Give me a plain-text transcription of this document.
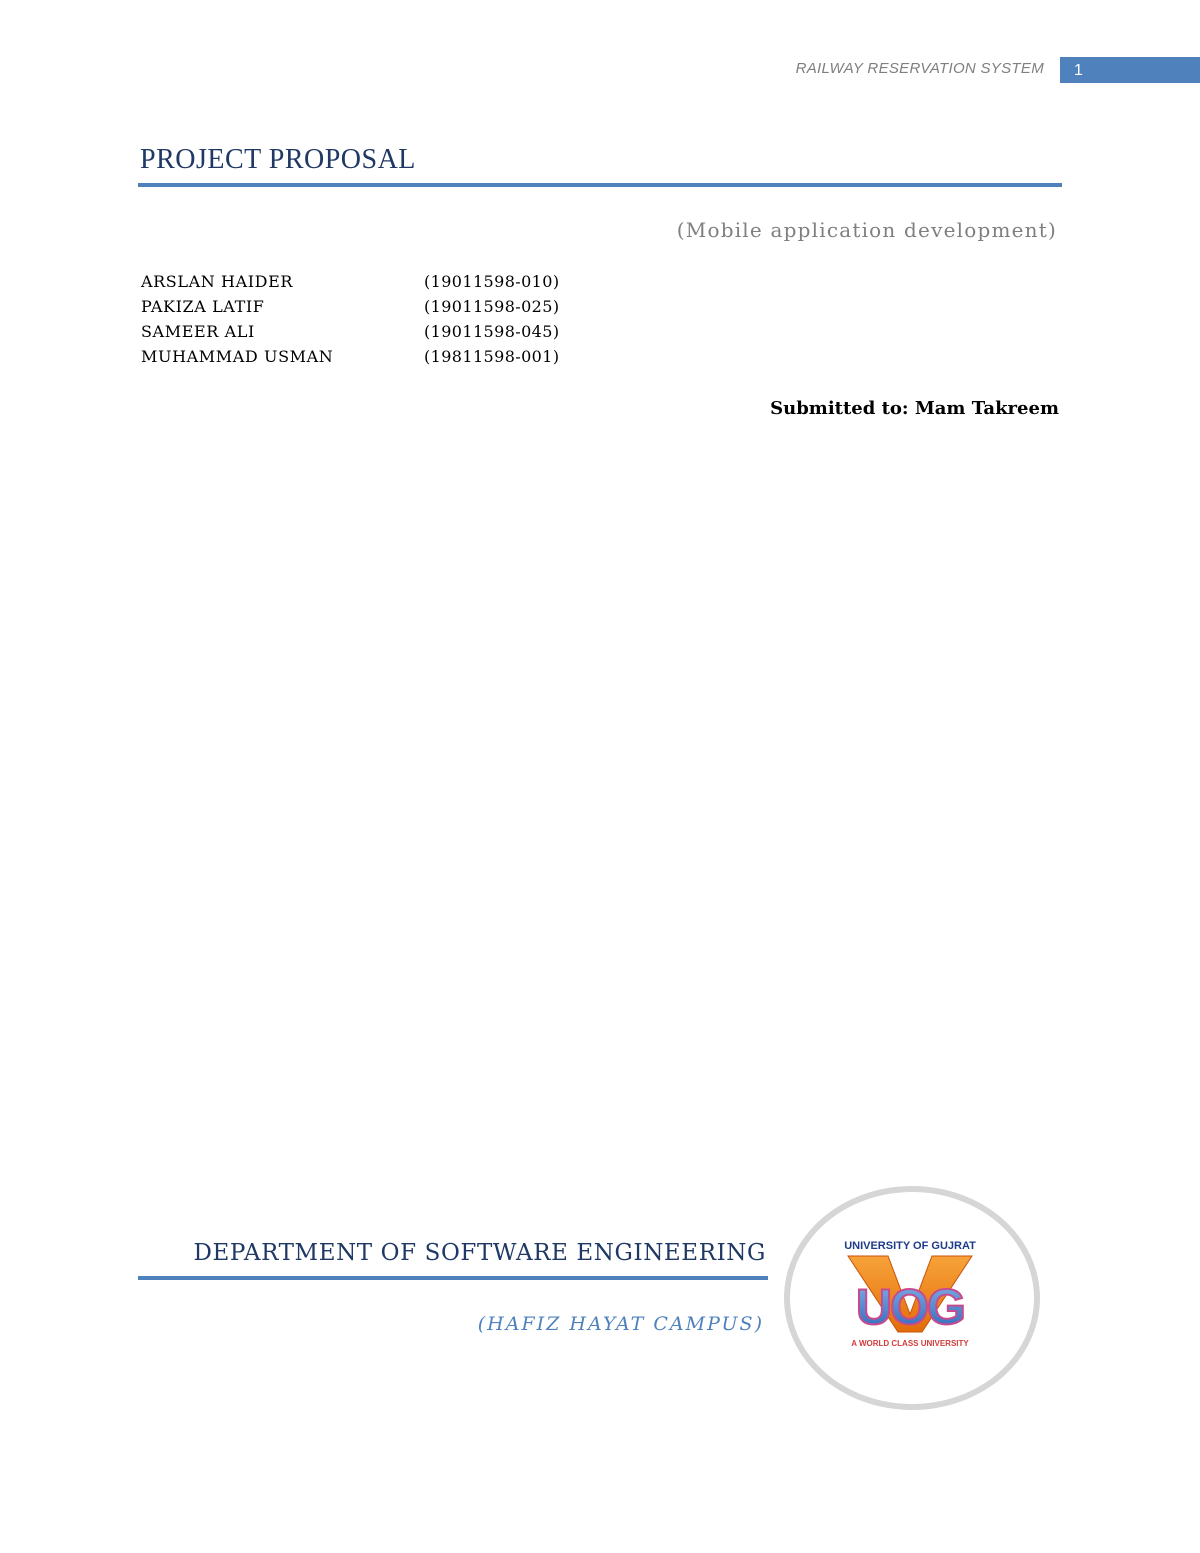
RAILWAY RESERVATION SYSTEM	1
PROJECT PROPOSAL
(Mobile application development)
ARSLAN HAIDER	(19011598-010)
PAKIZA LATIF	(19011598-025)
SAMEER ALI	(19011598-045)
MUHAMMAD USMAN	(19811598-001)
Submitted to: Mam Takreem
DEPARTMENT OF SOFTWARE ENGINEERING
(HAFIZ HAYAT CAMPUS)
UNIVERSITY OF GUJRAT
UOG
A WORLD CLASS UNIVERSITY
